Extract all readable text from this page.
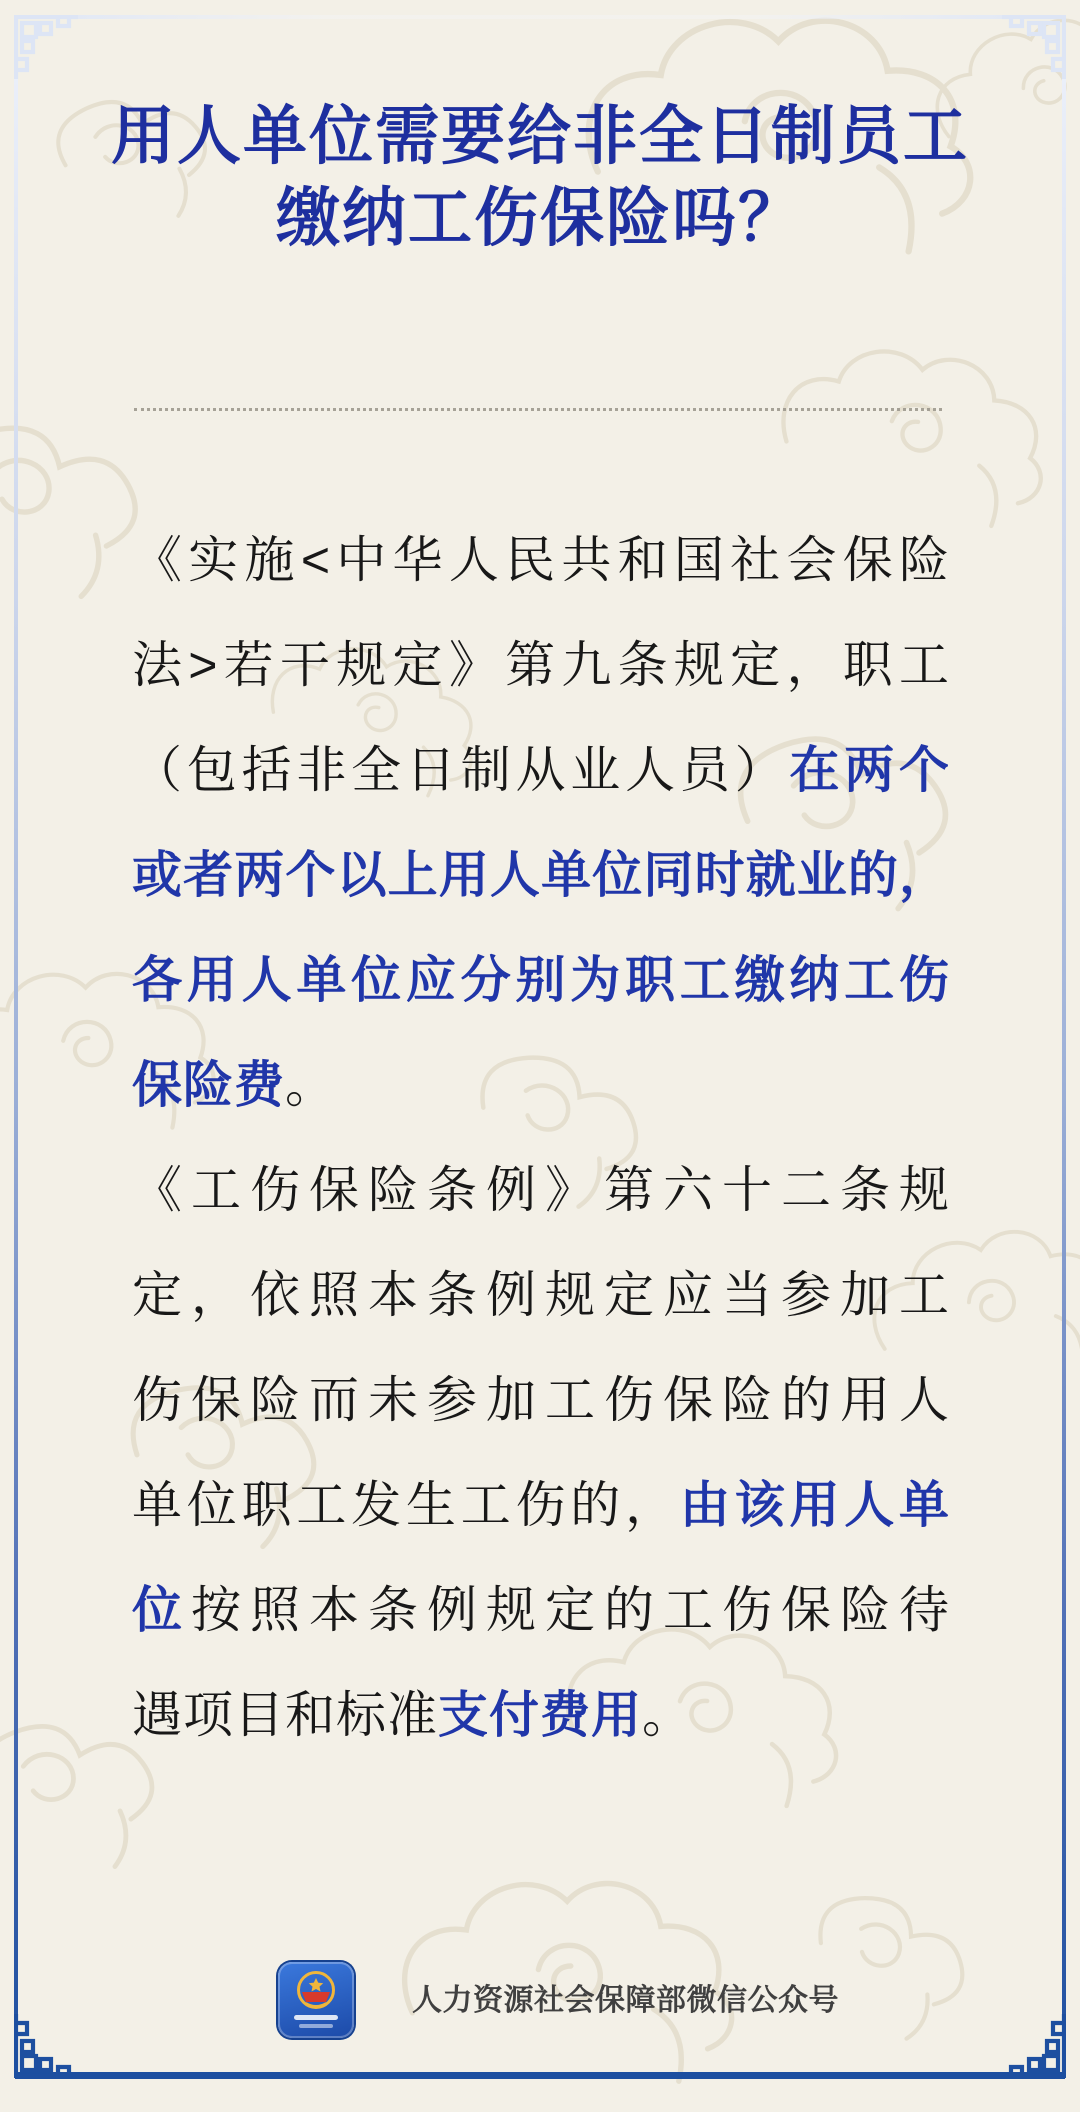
用人单位需要给非全日制员工
缴纳工伤保险吗？
《实施<中华人民共和国社会保险
法>若干规定》第九条规定，职工
（包括非全日制从业人员）在两个
或者两个以上用人单位同时就业的，
各用人单位应分别为职工缴纳工伤
保险费。
《工伤保险条例》第六十二条规
定，依照本条例规定应当参加工
伤保险而未参加工伤保险的用人
单位职工发生工伤的，由该用人单
位按照本条例规定的工伤保险待
遇项目和标准支付费用。
人力资源社会保障部微信公众号
